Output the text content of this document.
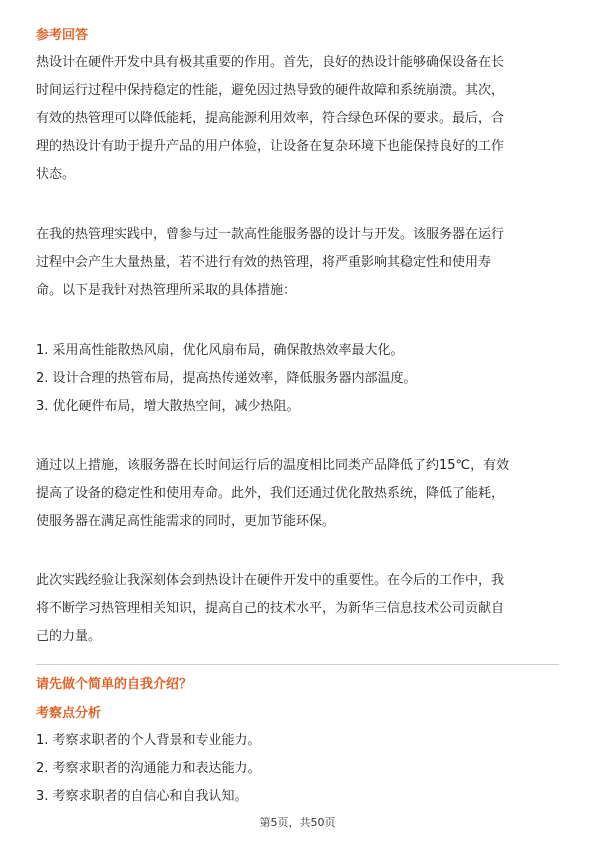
参考回答
热设计在硬件开发中具有极其重要的作用。首先，良好的热设计能够确保设备在长
时间运行过程中保持稳定的性能，避免因过热导致的硬件故障和系统崩溃。其次，
有效的热管理可以降低能耗，提高能源利用效率，符合绿色环保的要求。最后，合
理的热设计有助于提升产品的用户体验，让设备在复杂环境下也能保持良好的工作
状态。
在我的热管理实践中，曾参与过一款高性能服务器的设计与开发。该服务器在运行
过程中会产生大量热量，若不进行有效的热管理，将严重影响其稳定性和使用寿
命。以下是我针对热管理所采取的具体措施：
1. 采用高性能散热风扇，优化风扇布局，确保散热效率最大化。
2. 设计合理的热管布局，提高热传递效率，降低服务器内部温度。
3. 优化硬件布局，增大散热空间，减少热阻。
通过以上措施，该服务器在长时间运行后的温度相比同类产品降低了约15℃，有效
提高了设备的稳定性和使用寿命。此外，我们还通过优化散热系统，降低了能耗，
使服务器在满足高性能需求的同时，更加节能环保。
此次实践经验让我深刻体会到热设计在硬件开发中的重要性。在今后的工作中，我
将不断学习热管理相关知识，提高自己的技术水平，为新华三信息技术公司贡献自
己的力量。
请先做个简单的自我介绍？
考察点分析
1. 考察求职者的个人背景和专业能力。
2. 考察求职者的沟通能力和表达能力。
3. 考察求职者的自信心和自我认知。
第5页，共50页
